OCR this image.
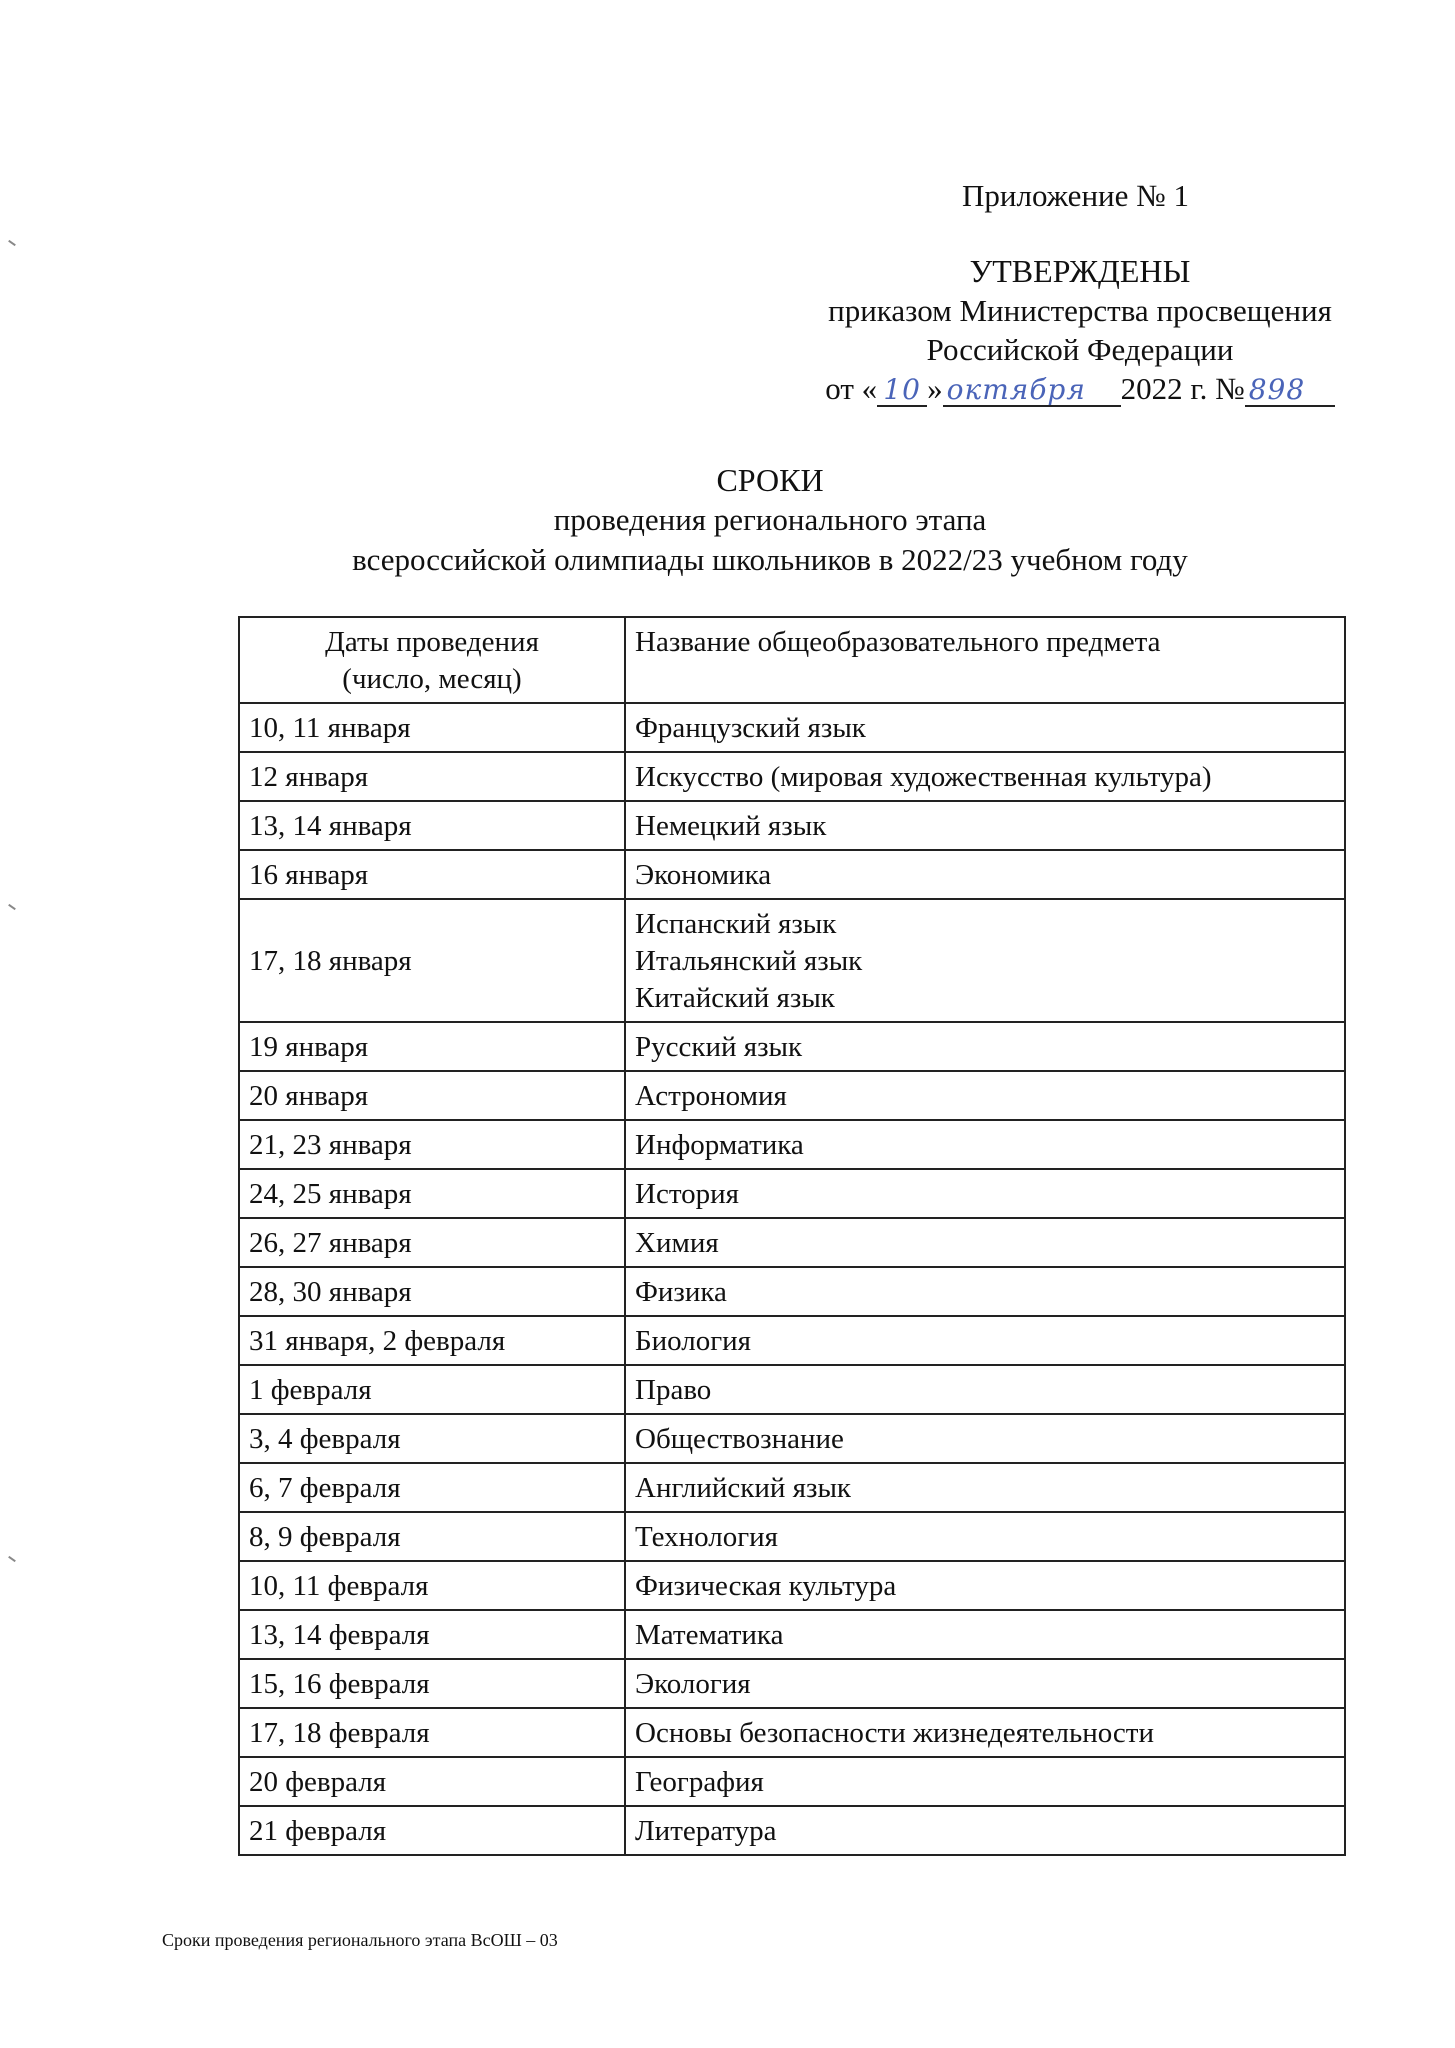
Приложение № 1
УТВЕРЖДЕНЫ
приказом Министерства просвещения
Российской Федерации
от « 10 » октября 2022 г. № 898
СРОКИ
проведения регионального этапа
всероссийской олимпиады школьников в 2022/23 учебном году
Даты проведения
(число, месяц)	Название общеобразовательного предмета
10, 11 января	Французский язык

12 января	Искусство (мировая художественная культура)

13, 14 января	Немецкий язык

16 января	Экономика

17, 18 января	Испанский язык
Итальянский язык
Китайский язык

19 января	Русский язык

20 января	Астрономия

21, 23 января	Информатика

24, 25 января	История

26, 27 января	Химия

28, 30 января	Физика

31 января, 2 февраля	Биология

1 февраля	Право

3, 4 февраля	Обществознание

6, 7 февраля	Английский язык

8, 9 февраля	Технология

10, 11 февраля	Физическая культура

13, 14 февраля	Математика

15, 16 февраля	Экология

17, 18 февраля	Основы безопасности жизнедеятельности

20 февраля	География

21 февраля	Литература
Сроки проведения регионального этапа ВсОШ – 03
